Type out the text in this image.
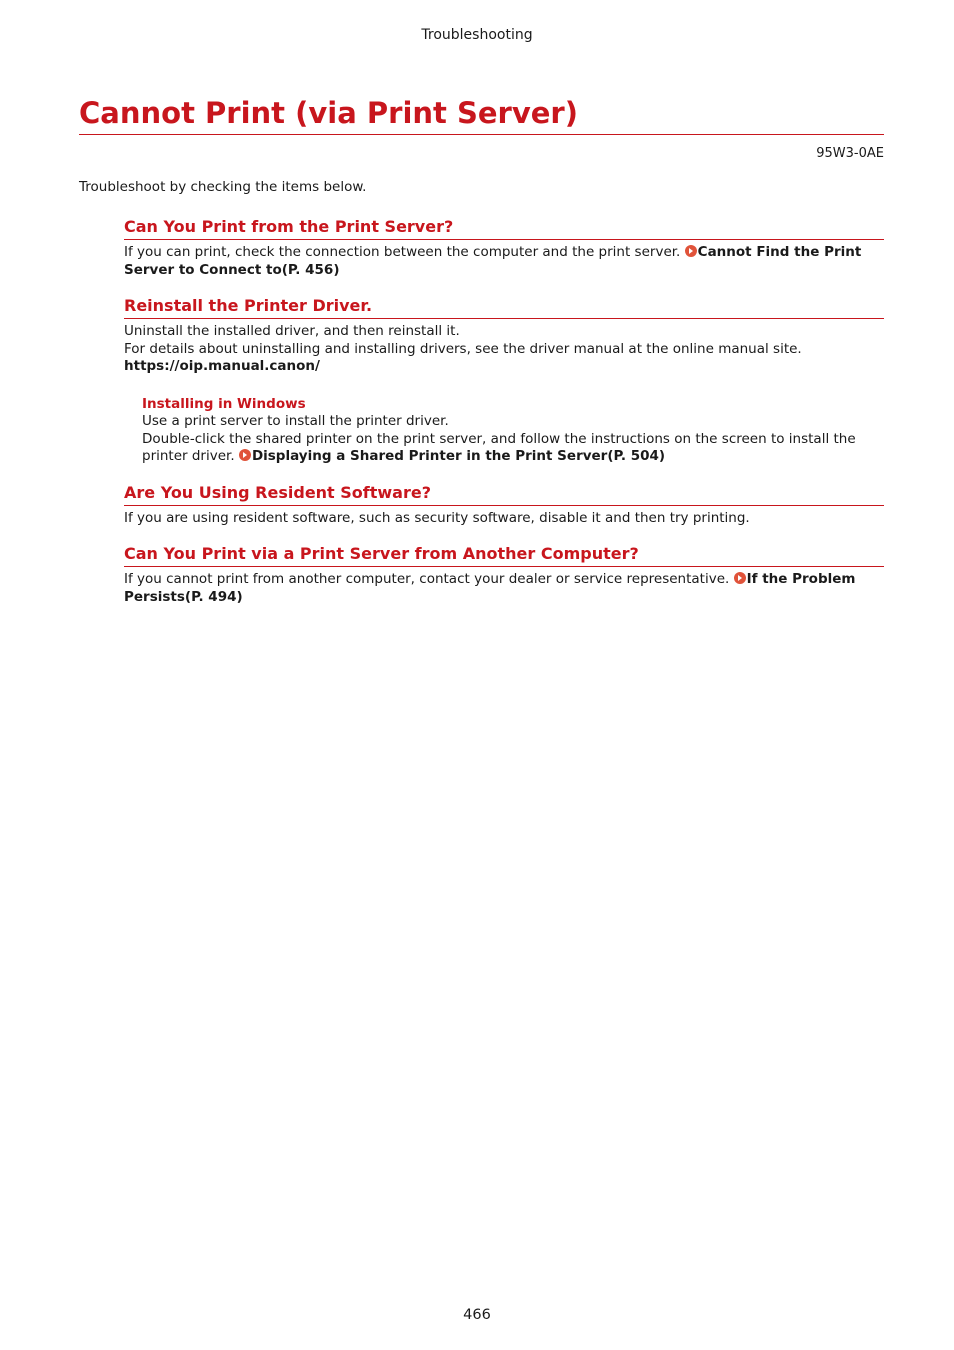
Troubleshooting
Cannot Print (via Print Server)
95W3-0AE
Troubleshoot by checking the items below.
Can You Print from the Print Server?

If you can print, check the connection between the computer and the print server. Cannot Find the Print Server to Connect to(P. 456)

Reinstall the Printer Driver.

Uninstall the installed driver, and then reinstall it.
For details about uninstalling and installing drivers, see the driver manual at the online manual site.
https://oip.manual.canon/

Installing in Windows
Use a print server to install the printer driver.
Double-click the shared printer on the print server, and follow the instructions on the screen to install the printer driver. Displaying a Shared Printer in the Print Server(P. 504)
Are You Using Resident Software?

If you are using resident software, such as security software, disable it and then try printing.

Can You Print via a Print Server from Another Computer?

If you cannot print from another computer, contact your dealer or service representative. If the Problem Persists(P. 494)

466
